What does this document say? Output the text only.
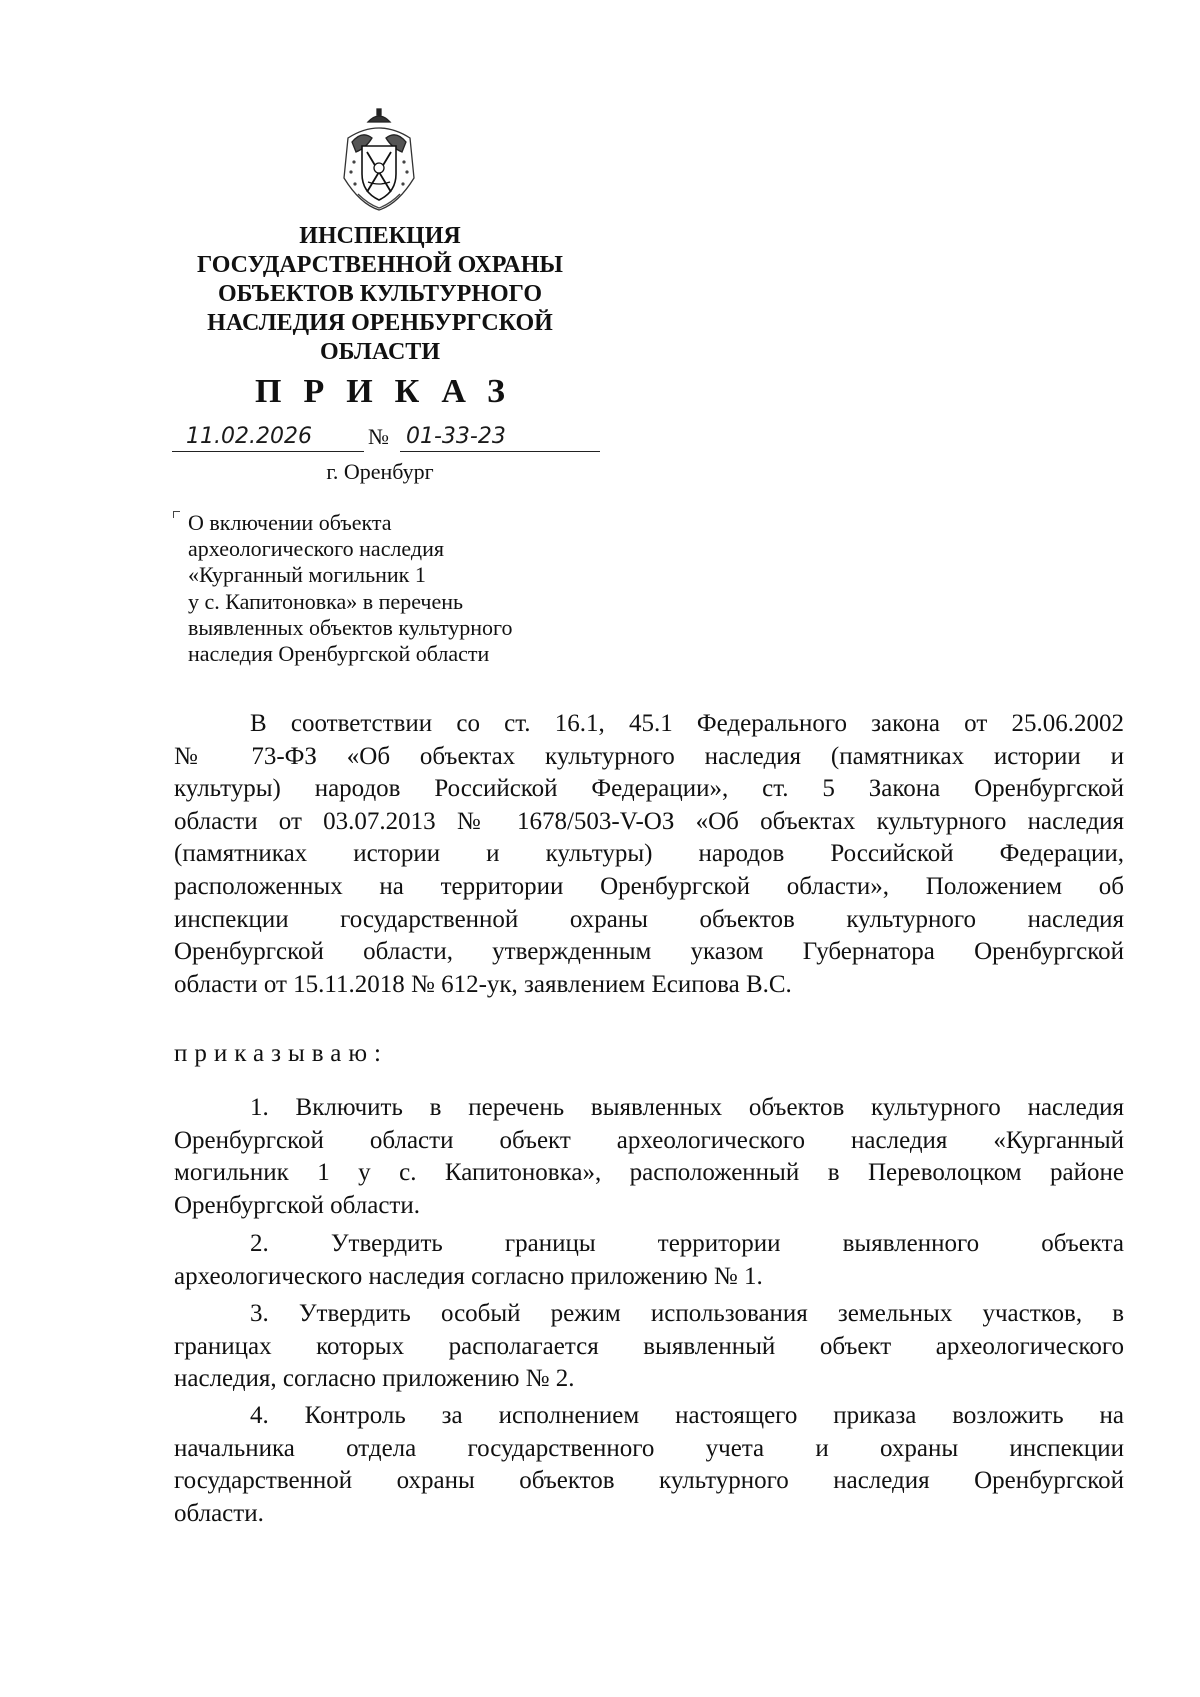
ИНСПЕКЦИЯ
ГОСУДАРСТВЕННОЙ ОХРАНЫ
ОБЪЕКТОВ КУЛЬТУРНОГО
НАСЛЕДИЯ ОРЕНБУРГСКОЙ
ОБЛАСТИ
ПРИКАЗ
11.02.2026	№ 01-33-23
г. Оренбург
О включении объекта
археологического наследия
«Курганный могильник 1
у с. Капитоновка» в перечень
выявленных объектов культурного
наследия Оренбургской области
В соответствии со ст. 16.1, 45.1 Федерального закона от 25.06.2002
№ 73-ФЗ «Об объектах культурного наследия (памятниках истории и
культуры) народов Российской Федерации», ст. 5 Закона Оренбургской
области от 03.07.2013 № 1678/503-V-ОЗ «Об объектах культурного наследия
(памятниках истории и культуры) народов Российской Федерации,
расположенных на территории Оренбургской области», Положением об
инспекции государственной охраны объектов культурного наследия
Оренбургской области, утвержденным указом Губернатора Оренбургской
области от 15.11.2018 № 612-ук, заявлением Есипова В.С.
приказываю:
1. Включить в перечень выявленных объектов культурного наследия
Оренбургской области объект археологического наследия «Курганный
могильник 1 у с. Капитоновка», расположенный в Переволоцком районе
Оренбургской области.
2. Утвердить границы территории выявленного объекта
археологического наследия согласно приложению № 1.
3. Утвердить особый режим использования земельных участков, в
границах которых располагается выявленный объект археологического
наследия, согласно приложению № 2.
4. Контроль за исполнением настоящего приказа возложить на
начальника отдела государственного учета и охраны инспекции
государственной охраны объектов культурного наследия Оренбургской
области.
